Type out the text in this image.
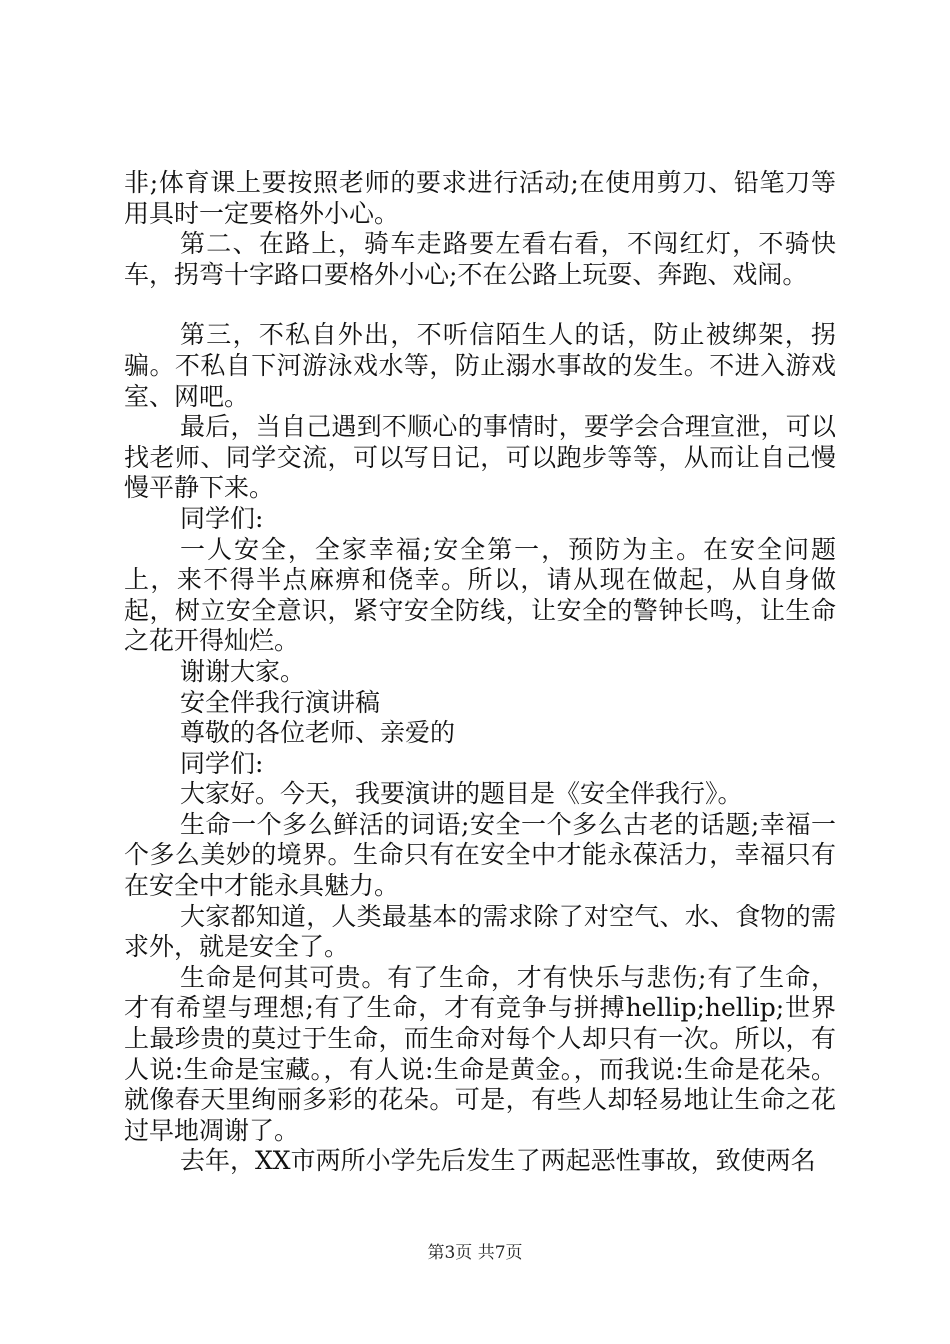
非;体育课上要按照老师的要求进行活动;在使用剪刀、铅笔刀等用具时一定要格外小心。

第二、在路上，骑车走路要左看右看，不闯红灯，不骑快车，拐弯十字路口要格外小心;不在公路上玩耍、奔跑、戏闹。

第三，不私自外出，不听信陌生人的话，防止被绑架，拐骗。不私自下河游泳戏水等，防止溺水事故的发生。不进入游戏室、网吧。

最后，当自己遇到不顺心的事情时，要学会合理宣泄，可以找老师、同学交流，可以写日记，可以跑步等等，从而让自己慢慢平静下来。

同学们:

一人安全，全家幸福;安全第一，预防为主。在安全问题上，来不得半点麻痹和侥幸。所以，请从现在做起，从自身做起，树立安全意识，紧守安全防线，让安全的警钟长鸣，让生命之花开得灿烂。

谢谢大家。

安全伴我行演讲稿

尊敬的各位老师、亲爱的

同学们:

大家好。今天，我要演讲的题目是《安全伴我行》。

生命一个多么鲜活的词语;安全一个多么古老的话题;幸福一个多么美妙的境界。生命只有在安全中才能永葆活力，幸福只有在安全中才能永具魅力。

大家都知道，人类最基本的需求除了对空气、水、食物的需求外，就是安全了。

生命是何其可贵。有了生命，才有快乐与悲伤;有了生命，才有希望与理想;有了生命，才有竞争与拼搏hellip;hellip;世界上最珍贵的莫过于生命，而生命对每个人却只有一次。所以，有人说:生命是宝藏。，有人说:生命是黄金。，而我说:生命是花朵。就像春天里绚丽多彩的花朵。可是，有些人却轻易地让生命之花过早地凋谢了。

去年，XX市两所小学先后发生了两起恶性事故，致使两名

第3页 共7页
